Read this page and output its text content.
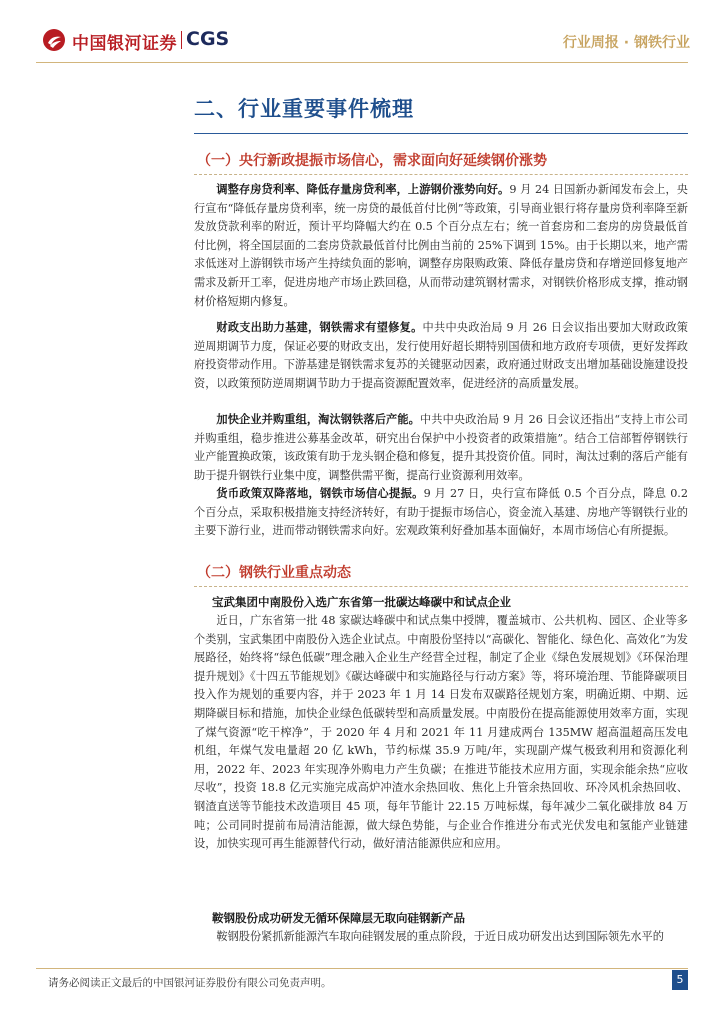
中国银河证券 CGS	行业周报 · 钢铁行业
二、行业重要事件梳理
（一）央行新政提振市场信心，需求面向好延续钢价涨势

调整存房贷利率、降低存量房贷利率，上游钢价涨势向好。9 月 24 日国新办新闻发布会上，央行宣布“降低存量房贷利率，统一房贷的最低首付比例”等政策，引导商业银行将存量房贷利率降至新发放贷款利率的附近，预计平均降幅大约在 0.5 个百分点左右；统一首套房和二套房的房贷最低首付比例，将全国层面的二套房贷款最低首付比例由当前的 25%下调到 15%。由于长期以来，地产需求低迷对上游钢铁市场产生持续负面的影响，调整存房限购政策、降低存量房贷和存增逆回修复地产需求及新开工率，促进房地产市场止跌回稳，从而带动建筑钢材需求，对钢铁价格形成支撑，推动钢材价格短期内修复。

财政支出助力基建，钢铁需求有望修复。中共中央政治局 9 月 26 日会议指出要加大财政政策逆周期调节力度，保证必要的财政支出，发行使用好超长期特别国债和地方政府专项债，更好发挥政府投资带动作用。下游基建是钢铁需求复苏的关键驱动因素，政府通过财政支出增加基础设施建设投资，以政策预防逆周期调节助力于提高资源配置效率，促进经济的高质量发展。

加快企业并购重组，淘汰钢铁落后产能。中共中央政治局 9 月 26 日会议还指出“支持上市公司并购重组，稳步推进公募基金改革，研究出台保护中小投资者的政策措施”。结合工信部暂停钢铁行业产能置换政策，该政策有助于龙头钢企稳和修复，提升其投资价值。同时，淘汰过剩的落后产能有助于提升钢铁行业集中度，调整供需平衡，提高行业资源利用效率。

货币政策双降落地，钢铁市场信心提振。9 月 27 日，央行宣布降低 0.5 个百分点，降息 0.2 个百分点，采取积极措施支持经济转好，有助于提振市场信心，资金流入基建、房地产等钢铁行业的主要下游行业，进而带动钢铁需求向好。宏观政策利好叠加基本面偏好，本周市场信心有所提振。

（二）钢铁行业重点动态
宝武集团中南股份入选广东省第一批碳达峰碳中和试点企业

近日，广东省第一批 48 家碳达峰碳中和试点集中授牌，覆盖城市、公共机构、园区、企业等多个类别，宝武集团中南股份入选企业试点。中南股份坚持以“高碳化、智能化、绿色化、高效化”为发展路径，始终将“绿色低碳”理念融入企业生产经营全过程，制定了企业《绿色发展规划》《环保治理提升规划》《十四五节能规划》《碳达峰碳中和实施路径与行动方案》等，将环境治理、节能降碳项目投入作为规划的重要内容，并于 2023 年 1 月 14 日发布双碳路径规划方案，明确近期、中期、远期降碳目标和措施，加快企业绿色低碳转型和高质量发展。中南股份在提高能源使用效率方面，实现了煤气资源“吃干榨净”，于 2020 年 4 月和 2021 年 11 月建成两台 135MW 超高温超高压发电机组，年煤气发电量超 20 亿 kWh，节约标煤 35.9 万吨/年，实现副产煤气极致利用和资源化利用，2022 年、2023 年实现净外购电力产生负碳；在推进节能技术应用方面，实现余能余热“应收尽收”，投资 18.8 亿元实施完成高炉冲渣水余热回收、焦化上升管余热回收、环冷风机余热回收、钢渣直送等节能技术改造项目 45 项，每年节能计 22.15 万吨标煤，每年减少二氧化碳排放 84 万吨；公司同时提前布局清洁能源，做大绿色势能，与企业合作推进分布式光伏发电和氢能产业链建设，加快实现可再生能源替代行动，做好清洁能源供应和应用。

鞍钢股份成功研发无循环保障层无取向硅钢新产品

鞍钢股份紧抓新能源汽车取向硅钢发展的重点阶段，于近日成功研发出达到国际领先水平的

请务必阅读正文最后的中国银河证券股份有限公司免责声明。	5
